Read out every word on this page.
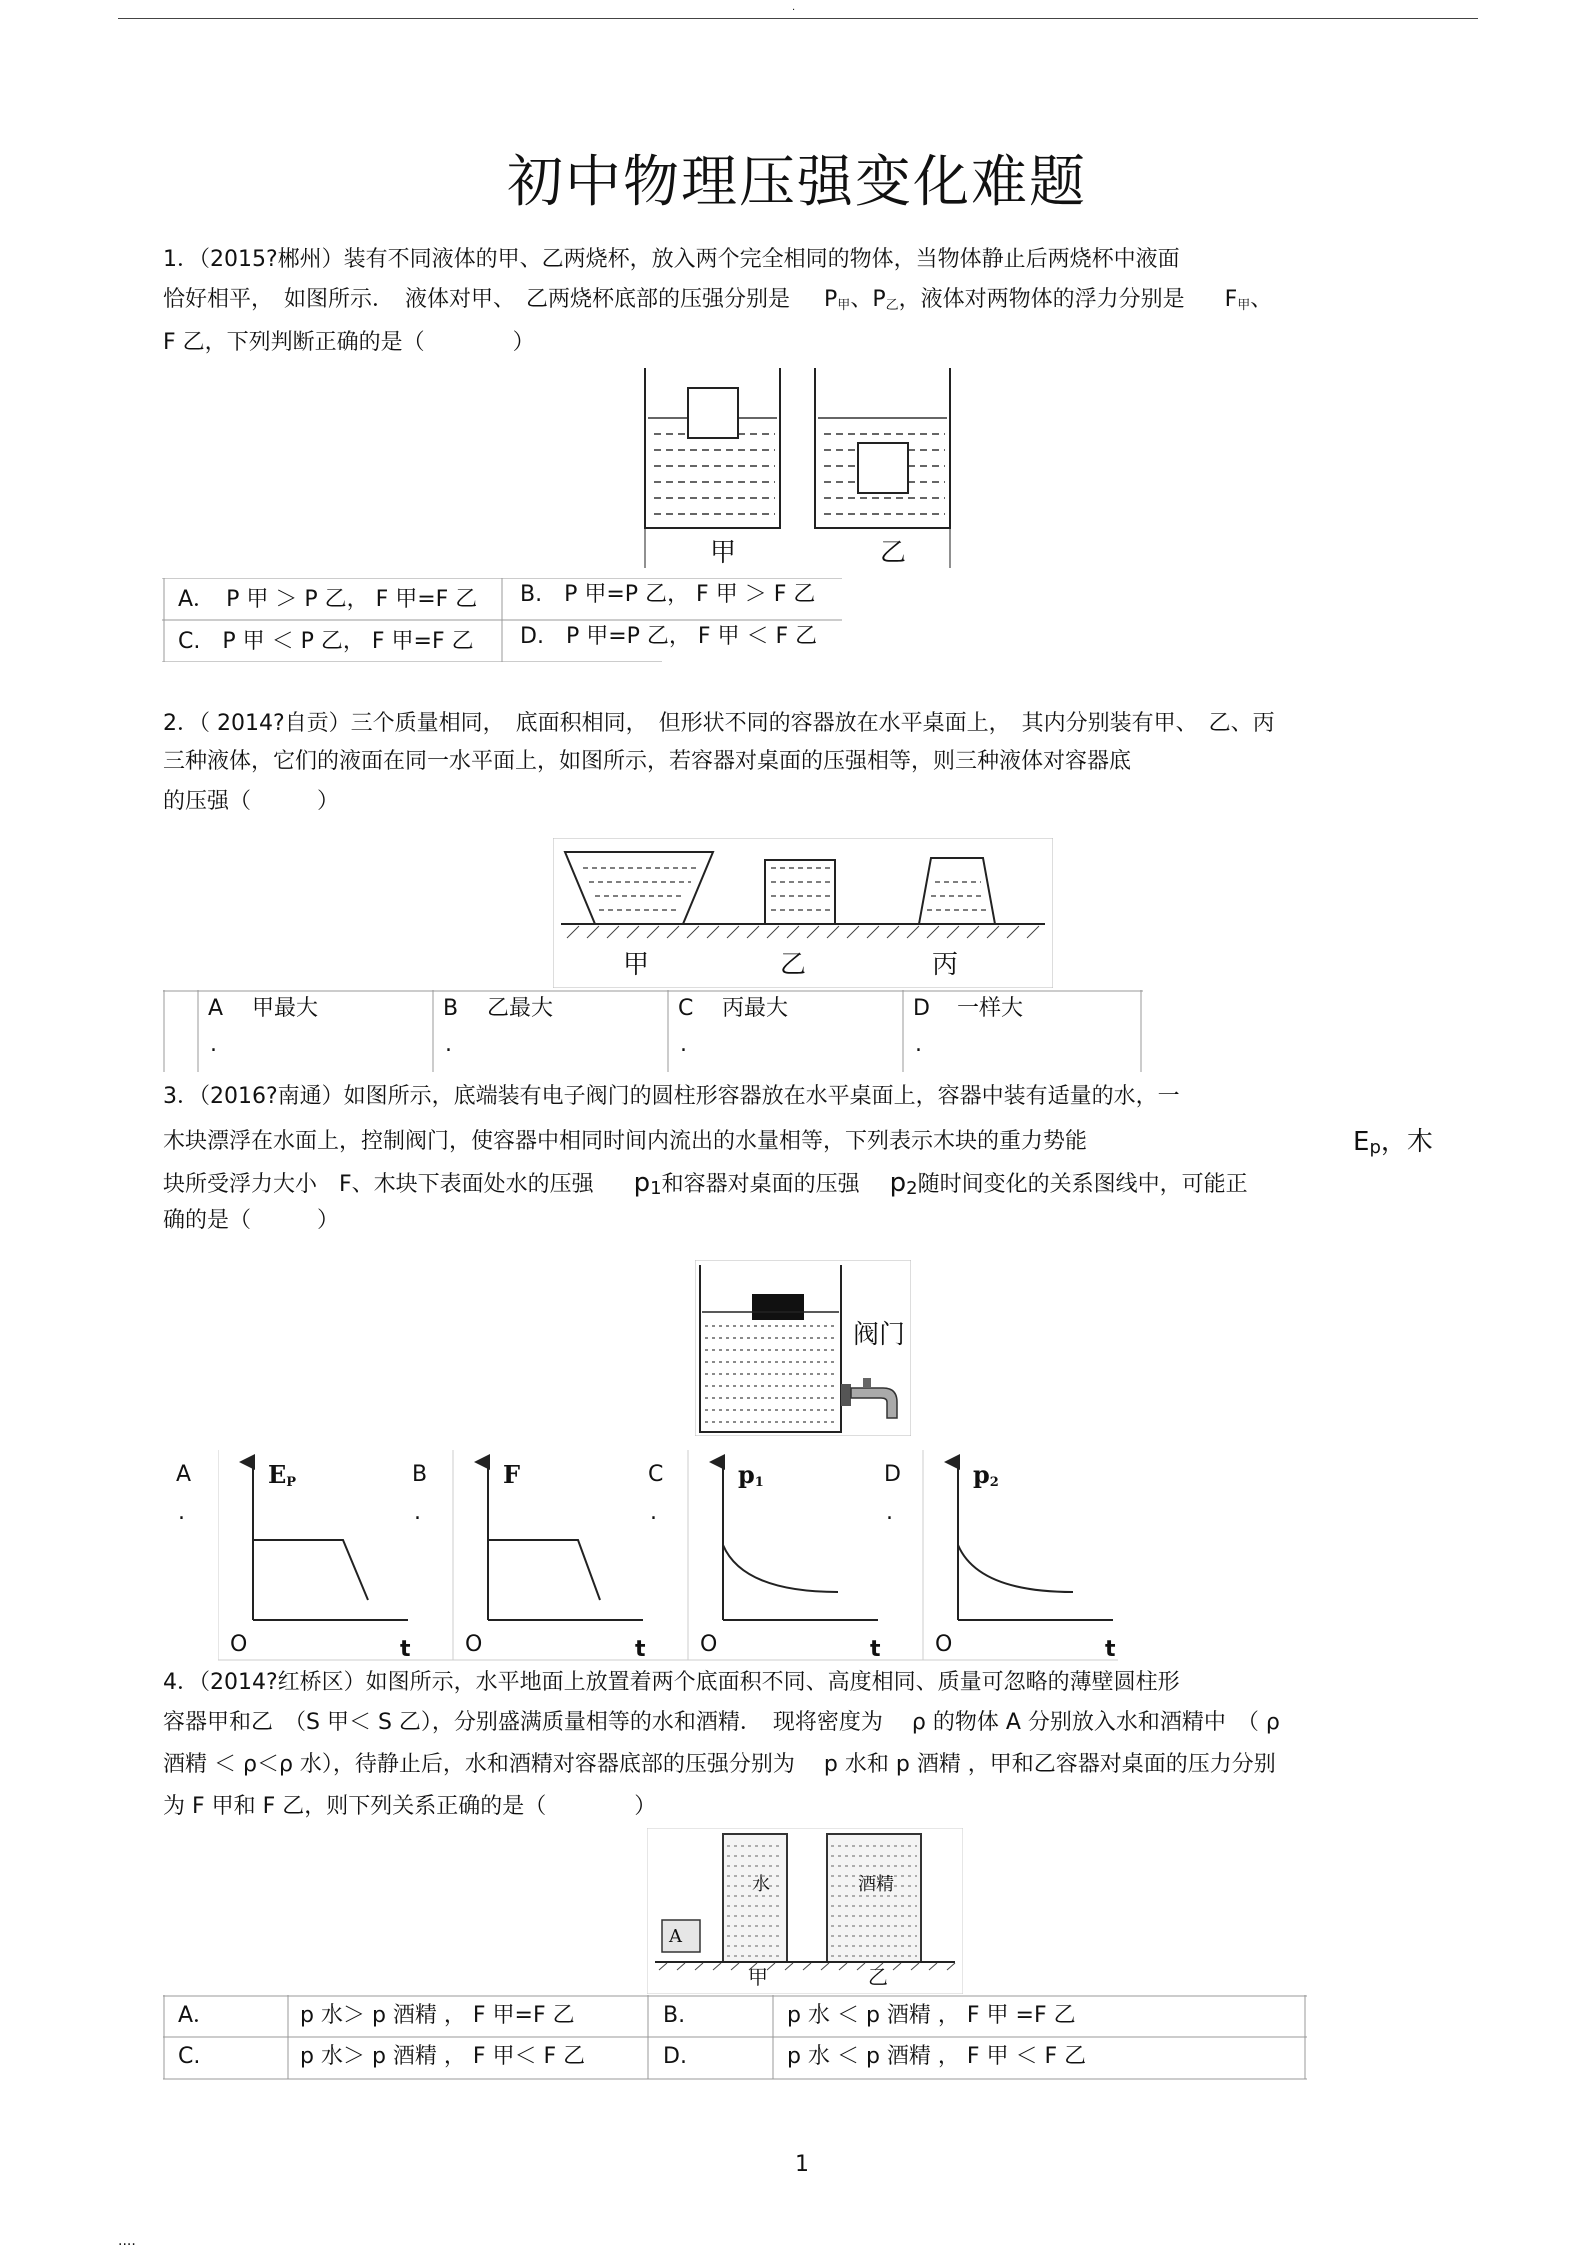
.
初中物理压强变化难题
1．（2015?郴州）装有不同液体的甲、乙两烧杯，放入两个完全相同的物体，当物体静止后两烧杯中液面
恰好相平，　如图所示．　液体对甲、　乙两烧杯底部的压强分别是 $P_甲$、$P_乙$，液体对两物体的浮力分别是 $F_甲$、
F 乙，下列判断正确的是（　　　　）
甲	乙
A．　 P 甲 ＞ P 乙， F 甲=F 乙 B.　 P 甲=P 乙， F 甲 ＞ F 乙
C.　 P 甲 ＜ P 乙， F 甲=F 乙 D.　 P 甲=P 乙， F 甲 ＜ F 乙
2．（ 2014?自贡）三个质量相同，　底面积相同，　但形状不同的容器放在水平桌面上，　其内分别装有甲、　乙、丙
三种液体，它们的液面在同一水平面上，如图所示，若容器对桌面的压强相等，则三种液体对容器底
的压强（　　　）
甲	乙	丙
A
.
甲最大	B
.
乙最大	C
.
丙最大	D
.
一样大
3．（2016?南通）如图所示，底端装有电子阀门的圆柱形容器放在水平桌面上，容器中装有适量的水，一
木块漂浮在水面上，控制阀门，使容器中相同时间内流出的水量相等，下列表示木块的重力势能	$E_p$，木
块所受浮力大小　F、木块下表面处水的压强 $p_1$和容器对桌面的压强 $p_2$随时间变化的关系图线中，可能正
确的是（　　　）
阀门
A
.
B
.
C
.
D
.
$E_P$	F	$p_1$	$p_2$
O	t O	t O	t O	t
4．（2014?红桥区）如图所示，水平地面上放置着两个底面积不同、高度相同、质量可忽略的薄壁圆柱形
容器甲和乙　（S 甲＜ S 乙），分别盛满质量相等的水和酒精．　现将密度为　 ρ 的物体 A 分别放入水和酒精中　（ ρ
酒精 ＜ ρ＜ρ 水），待静止后，水和酒精对容器底部的压强分别为　 p 水和 p 酒精 ，甲和乙容器对桌面的压力分别
为 F 甲和 F 乙，则下列关系正确的是（　　　　）
A
水	酒精
甲	乙
A．	p 水＞ p 酒精 ， F 甲=F 乙	B.	p 水 ＜ p 酒精 ， F 甲 =F 乙
C.	p 水＞ p 酒精 ， F 甲＜ F 乙	D.	p 水 ＜ p 酒精 ， F 甲 ＜ F 乙
1
....
